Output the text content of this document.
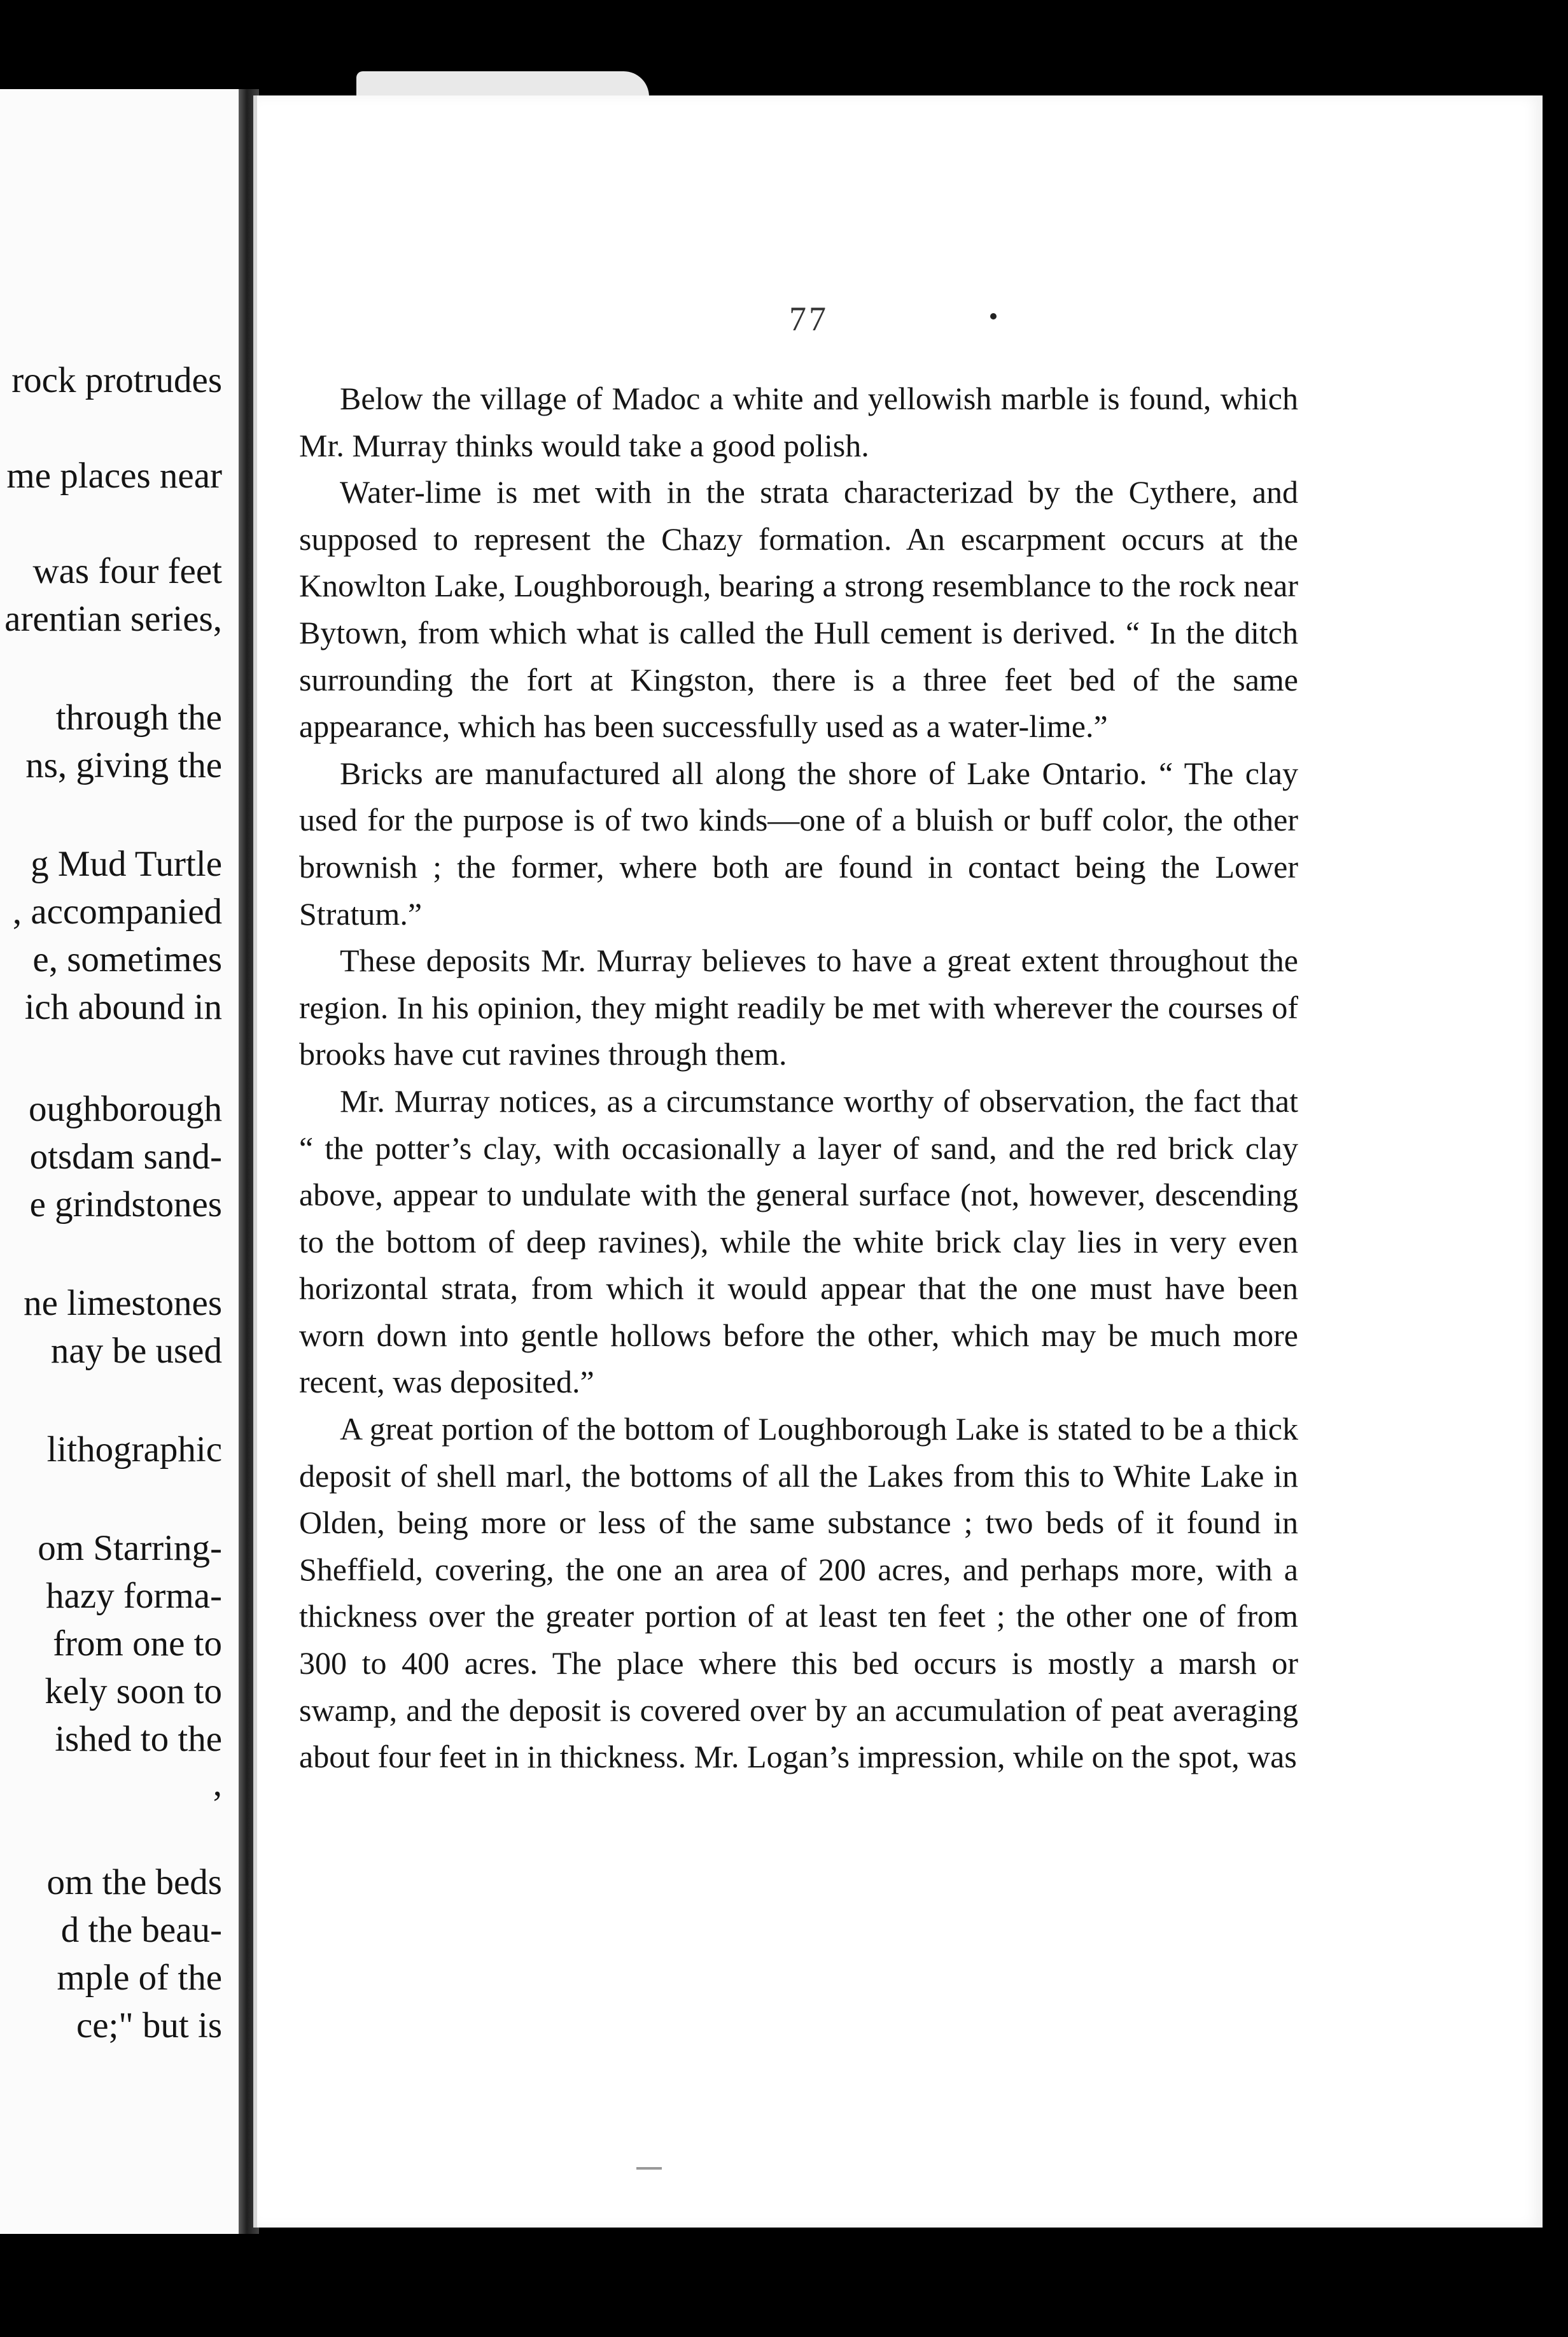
rock protrudes
me places near
was four feet
arentian series,
through the
ns, giving the
g Mud Turtle
, accompanied
e, sometimes
ich abound in
oughborough
otsdam sand-
e grindstones
ne limestones
nay be used
lithographic
om Starring-
hazy forma-
from one to
kely soon to
ished to the
,
om the beds
d the beau-
mple of the
ce;" but is
77

Below the village of Madoc a white and yellowish marble is found, which Mr. Murray thinks would take a good polish.

Water-lime is met with in the strata characterizad by the Cythere, and supposed to represent the Chazy formation. An escarpment occurs at the Knowlton Lake, Loughborough, bearing a strong resemblance to the rock near Bytown, from which what is called the Hull cement is derived. “ In the ditch surrounding the fort at Kingston, there is a three feet bed of the same appearance, which has been successfully used as a water-lime.”

Bricks are manufactured all along the shore of Lake Ontario. “ The clay used for the purpose is of two kinds—one of a bluish or buff color, the other brownish ; the former, where both are found in contact being the Lower Stratum.”

These deposits Mr. Murray believes to have a great extent throughout the region. In his opinion, they might readily be met with wherever the courses of brooks have cut ravines through them.

Mr. Murray notices, as a circumstance worthy of observation, the fact that “ the potter’s clay, with occasionally a layer of sand, and the red brick clay above, appear to undulate with the general surface (not, however, descending to the bottom of deep ravines), while the white brick clay lies in very even horizontal strata, from which it would appear that the one must have been worn down into gentle hollows before the other, which may be much more recent, was deposited.”

A great portion of the bottom of Loughborough Lake is stated to be a thick deposit of shell marl, the bottoms of all the Lakes from this to White Lake in Olden, being more or less of the same substance ; two beds of it found in Sheffield, covering, the one an area of 200 acres, and perhaps more, with a thickness over the greater portion of at least ten feet ; the other one of from 300 to 400 acres. The place where this bed occurs is mostly a marsh or swamp, and the deposit is covered over by an accumulation of peat averaging about four feet in in thickness. Mr. Logan’s impression, while on the spot, was
